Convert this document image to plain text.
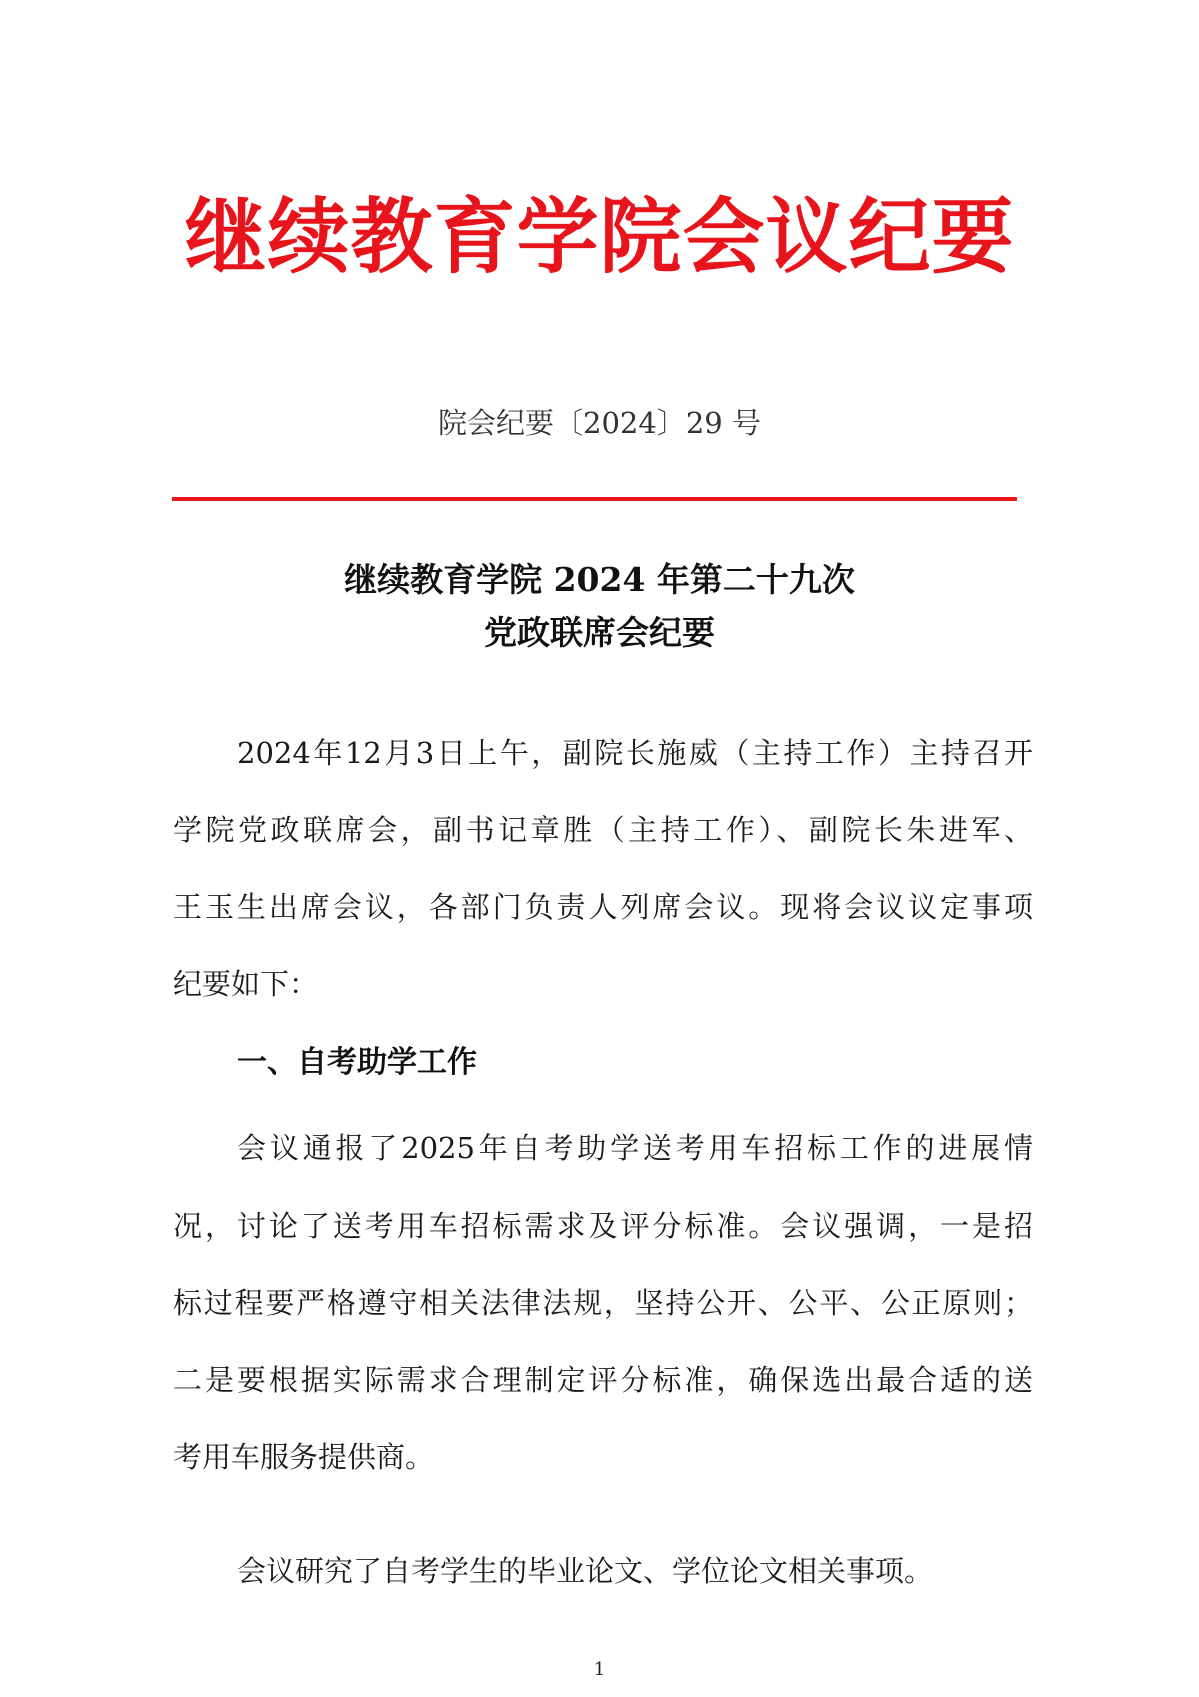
继续教育学院会议纪要
院会纪要〔2024〕29 号
继续教育学院 2024 年第二十九次
党政联席会纪要
2024年12月3日上午，副院长施威（主持工作）主持召开
学院党政联席会，副书记章胜（主持工作）、副院长朱进军、
王玉生出席会议，各部门负责人列席会议。现将会议议定事项
纪要如下：
一、自考助学工作
会议通报了2025年自考助学送考用车招标工作的进展情
况，讨论了送考用车招标需求及评分标准。会议强调，一是招
标过程要严格遵守相关法律法规，坚持公开、公平、公正原则；
二是要根据实际需求合理制定评分标准，确保选出最合适的送
考用车服务提供商。
会议研究了自考学生的毕业论文、学位论文相关事项。
1
